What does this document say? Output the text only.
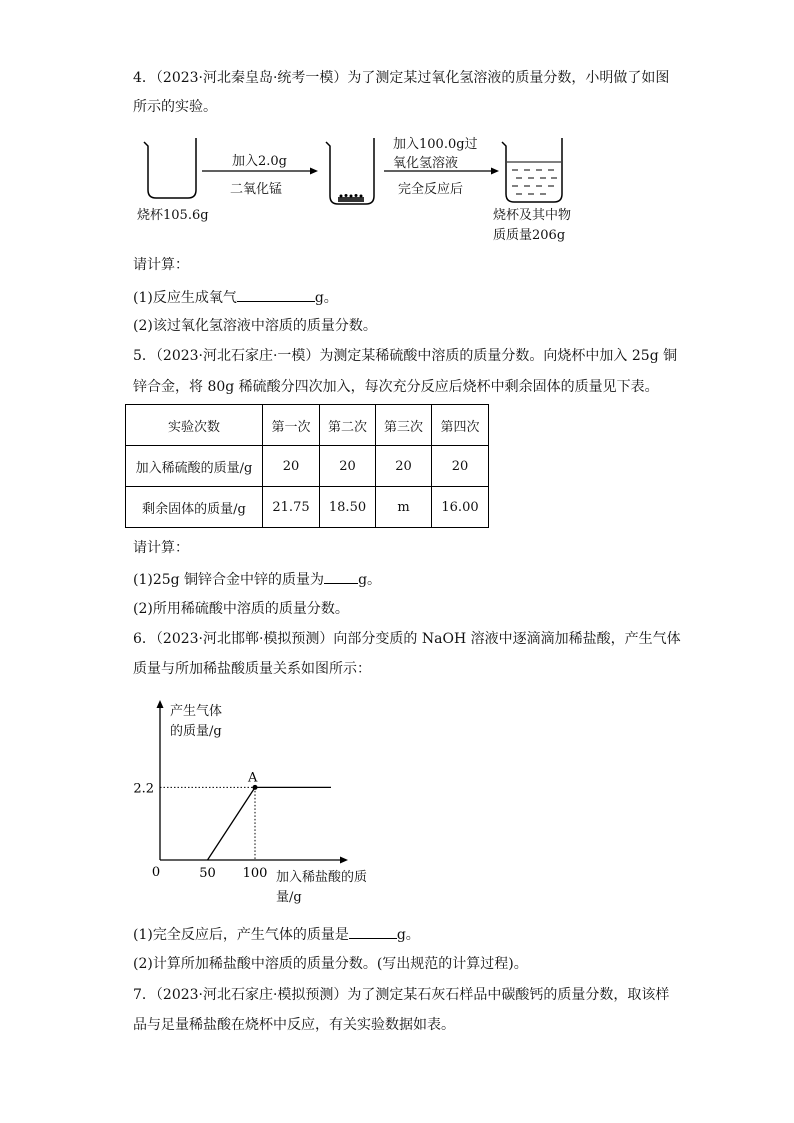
4．（2023·河北秦皇岛·统考一模）为了测定某过氧化氢溶液的质量分数，小明做了如图
所示的实验。
烧杯105.6g
加入2.0g
二氧化锰
加入100.0g过
氧化氢溶液
完全反应后
烧杯及其中物
质质量206g
请计算：
(1)反应生成氧气	g。
(2)该过氧化氢溶液中溶质的质量分数。
5．（2023·河北石家庄·一模）为测定某稀硫酸中溶质的质量分数。向烧杯中加入 25g 铜
锌合金，将 80g 稀硫酸分四次加入，每次充分反应后烧杯中剩余固体的质量见下表。
实验次数	第一次	第二次	第三次	第四次
加入稀硫酸的质量/g	20	20	20	20
剩余固体的质量/g	21.75	18.50	m	16.00
请计算：
(1)25g 铜锌合金中锌的质量为 g。
(2)所用稀硫酸中溶质的质量分数。
6．（2023·河北邯郸·模拟预测）向部分变质的 NaOH 溶液中逐滴滴加稀盐酸，产生气体
质量与所加稀盐酸质量关系如图所示：
A
0	50 100
2.2
产生气体
的质量/g
加入稀盐酸的质
量/g
(1)完全反应后，产生气体的质量是	g。
(2)计算所加稀盐酸中溶质的质量分数。(写出规范的计算过程)。
7．（2023·河北石家庄·模拟预测）为了测定某石灰石样品中碳酸钙的质量分数，取该样
品与足量稀盐酸在烧杯中反应，有关实验数据如表。
